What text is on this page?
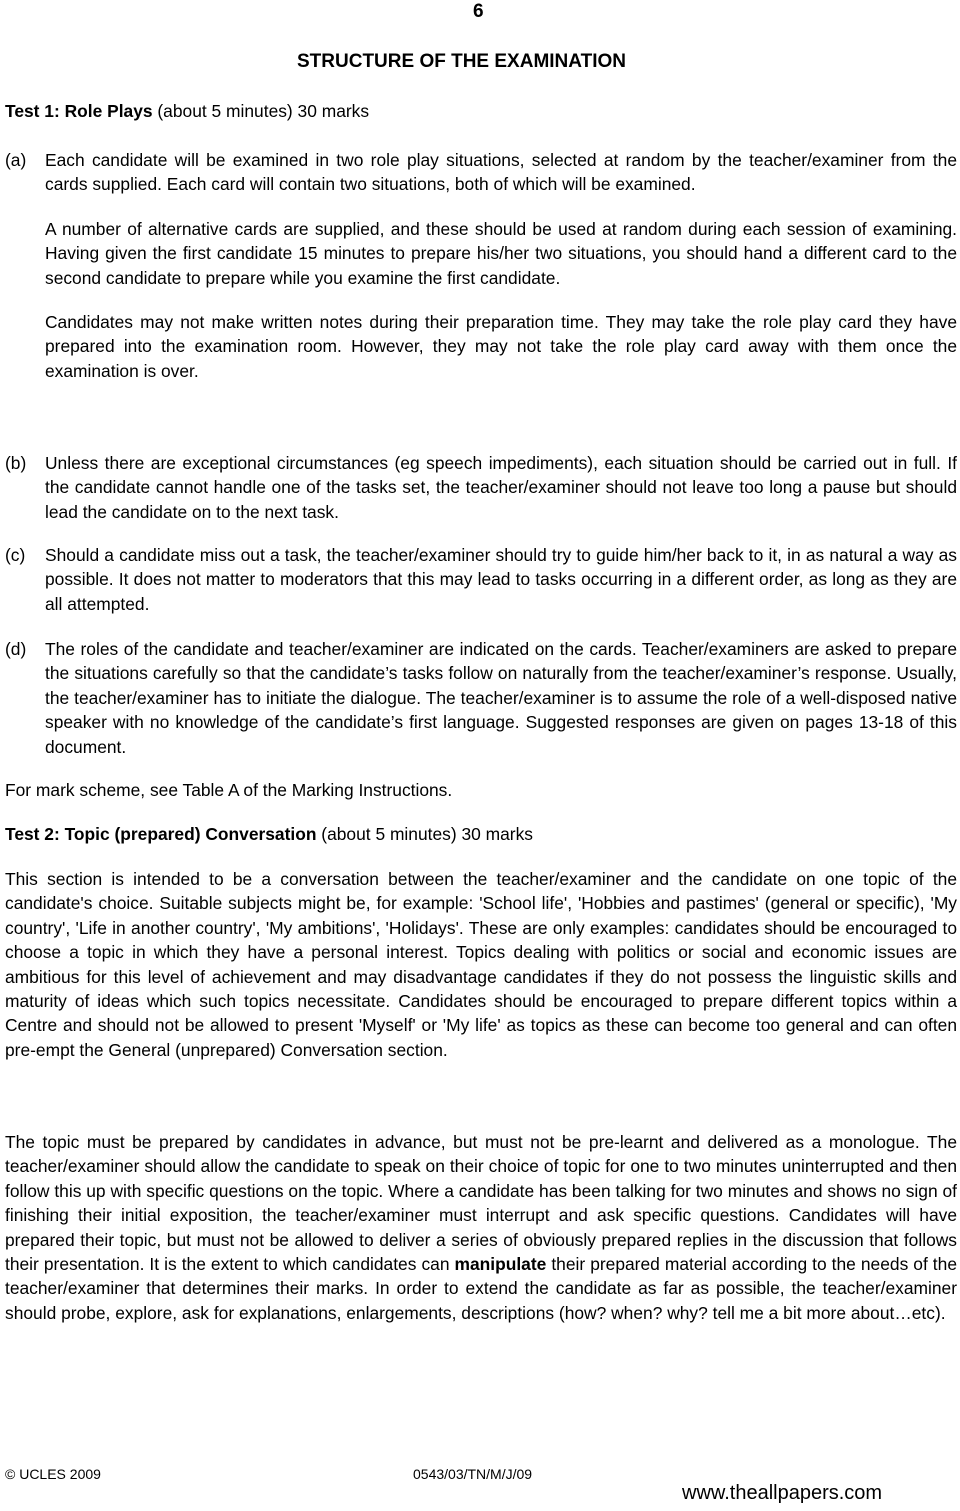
6
STRUCTURE OF THE EXAMINATION
Test 1: Role Plays (about 5 minutes) 30 marks
(a) Each candidate will be examined in two role play situations, selected at random by the teacher/examiner from the cards supplied. Each card will contain two situations, both of which will be examined.

A number of alternative cards are supplied, and these should be used at random during each session of examining. Having given the first candidate 15 minutes to prepare his/her two situations, you should hand a different card to the second candidate to prepare while you examine the first candidate.

Candidates may not make written notes during their preparation time. They may take the role play card they have prepared into the examination room. However, they may not take the role play card away with them once the examination is over.

(b) Unless there are exceptional circumstances (eg speech impediments), each situation should be carried out in full. If the candidate cannot handle one of the tasks set, the teacher/examiner should not leave too long a pause but should lead the candidate on to the next task.

(c) Should a candidate miss out a task, the teacher/examiner should try to guide him/her back to it, in as natural a way as possible. It does not matter to moderators that this may lead to tasks occurring in a different order, as long as they are all attempted.

(d) The roles of the candidate and teacher/examiner are indicated on the cards. Teacher/examiners are asked to prepare the situations carefully so that the candidate’s tasks follow on naturally from the teacher/examiner’s response. Usually, the teacher/examiner has to initiate the dialogue. The teacher/examiner is to assume the role of a well-disposed native speaker with no knowledge of the candidate’s first language. Suggested responses are given on pages 13-18 of this document.

For mark scheme, see Table A of the Marking Instructions.
Test 2: Topic (prepared) Conversation (about 5 minutes) 30 marks
This section is intended to be a conversation between the teacher/examiner and the candidate on one topic of the candidate's choice. Suitable subjects might be, for example: 'School life', 'Hobbies and pastimes' (general or specific), 'My country', 'Life in another country', 'My ambitions', 'Holidays'. These are only examples: candidates should be encouraged to choose a topic in which they have a personal interest. Topics dealing with politics or social and economic issues are ambitious for this level of achievement and may disadvantage candidates if they do not possess the linguistic skills and maturity of ideas which such topics necessitate. Candidates should be encouraged to prepare different topics within a Centre and should not be allowed to present 'Myself' or 'My life' as topics as these can become too general and can often pre-empt the General (unprepared) Conversation section.
The topic must be prepared by candidates in advance, but must not be pre-learnt and delivered as a monologue. The teacher/examiner should allow the candidate to speak on their choice of topic for one to two minutes uninterrupted and then follow this up with specific questions on the topic. Where a candidate has been talking for two minutes and shows no sign of finishing their initial exposition, the teacher/examiner must interrupt and ask specific questions. Candidates will have prepared their topic, but must not be allowed to deliver a series of obviously prepared replies in the discussion that follows their presentation. It is the extent to which candidates can manipulate their prepared material according to the needs of the teacher/examiner that determines their marks. In order to extend the candidate as far as possible, the teacher/examiner should probe, explore, ask for explanations, enlargements, descriptions (how? when? why? tell me a bit more about…etc).
© UCLES 2009	0543/03/TN/M/J/09
www.theallpapers.com
